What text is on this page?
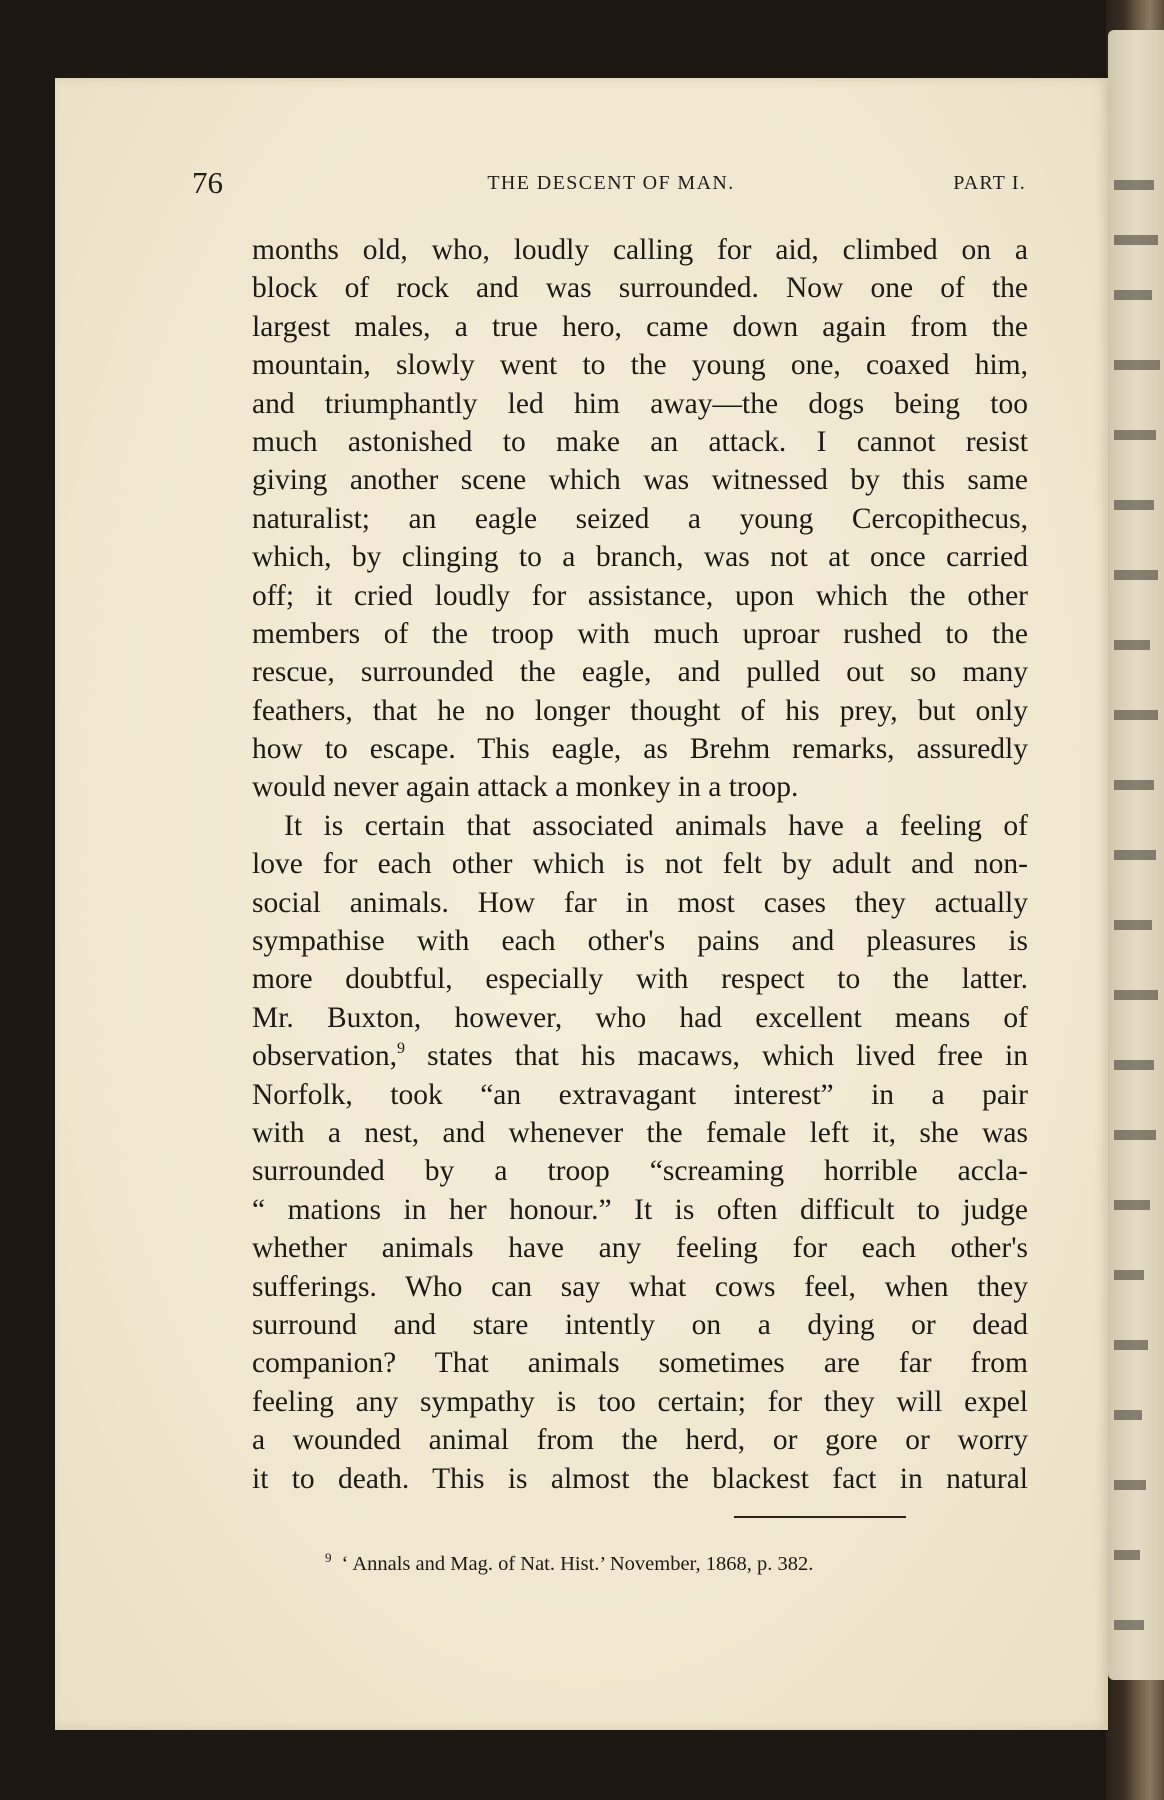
76	THE DESCENT OF MAN.	PART I.
months old, who, loudly calling for aid, climbed on a
block of rock and was surrounded. Now one of the
largest males, a true hero, came down again from the
mountain, slowly went to the young one, coaxed him,
and triumphantly led him away—the dogs being too
much astonished to make an attack. I cannot resist
giving another scene which was witnessed by this same
naturalist; an eagle seized a young Cercopithecus,
which, by clinging to a branch, was not at once carried
off; it cried loudly for assistance, upon which the other
members of the troop with much uproar rushed to the
rescue, surrounded the eagle, and pulled out so many
feathers, that he no longer thought of his prey, but only
how to escape. This eagle, as Brehm remarks, assuredly
would never again attack a monkey in a troop.
It is certain that associated animals have a feeling of
love for each other which is not felt by adult and non-
social animals. How far in most cases they actually
sympathise with each other's pains and pleasures is
more doubtful, especially with respect to the latter.
Mr. Buxton, however, who had excellent means of
observation,$^9$ states that his macaws, which lived free in
Norfolk, took “an extravagant interest” in a pair
with a nest, and whenever the female left it, she was
surrounded by a troop “screaming horrible accla-
“ mations in her honour.” It is often difficult to judge
whether animals have any feeling for each other's
sufferings. Who can say what cows feel, when they
surround and stare intently on a dying or dead
companion? That animals sometimes are far from
feeling any sympathy is too certain; for they will expel
a wounded animal from the herd, or gore or worry
it to death. This is almost the blackest fact in natural
$^9$ ‘ Annals and Mag. of Nat. Hist.’ November, 1868, p. 382.
